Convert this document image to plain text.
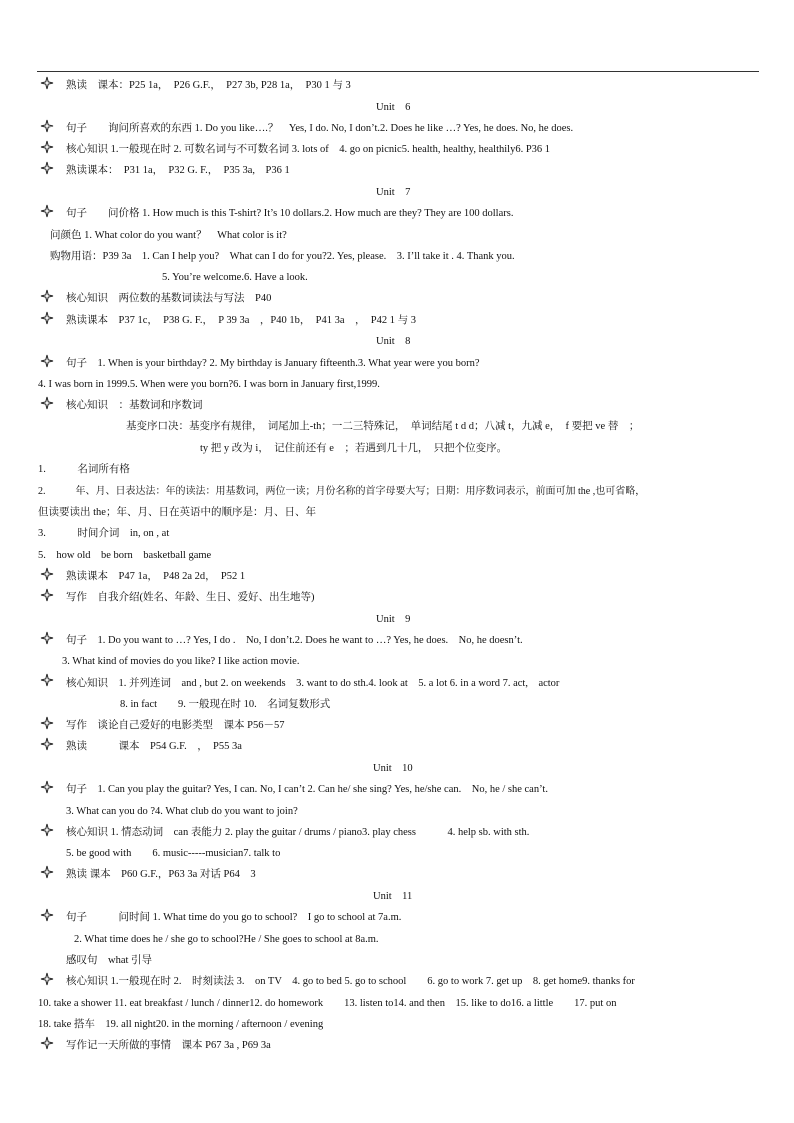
熟读　课本：P25 1a，　P26 G.F.，　P27 3b, P28 1a，　P30 1 与 3
Unit　6
句子　　询问所喜欢的东西 1. Do you like….？　Yes, I do. No, I don’t.2. Does he like …? Yes, he does. No, he does.
核心知识 1.一般现在时 2. 可数名词与不可数名词 3. lots of　4. go on picnic5. health, healthy, healthily6. P36 1
熟读课本：　P31 1a，　P32 G. F.，　P35 3a,　P36 1
Unit　7
句子　　问价格 1. How much is this T-shirt? It’s 10 dollars.2. How much are they? They are 100 dollars.
问颜色 1. What color do you want？　What color is it?
购物用语：P39 3a　1. Can I help you?　What can I do for you?2. Yes, please.　3. I’ll take it . 4. Thank you.
5. You’re welcome.6. Have a look.
核心知识　两位数的基数词读法与写法　P40
熟读课本　P37 1c，　P38 G. F.，　P 39 3a　，P40 1b，　P41 3a　，　P42 1 与 3
Unit　8
句子　1. When is your birthday? 2. My birthday is January fifteenth.3. What year were you born?
4. I was born in 1999.5. When were you born?6. I was born in January first,1999.
核心知识　：基数词和序数词
基变序口决：基变序有规律，　词尾加上-th；一二三特殊记，　单词结尾 t d d；八减 t，九减 e，　f 要把 ve 替　；
ty 把 y 改为 i，　记住前还有 e　；若遇到几十几，　只把个位变序。
1.　　　名词所有格
2.　　　年、月、日表达法：年的读法：用基数词，两位一读；月份名称的首字母要大写；日期：用序数词表示，前面可加 the ,也可省略，
但读要读出 the；年、月、日在英语中的顺序是：月、日、年
3.　　　时间介词　in, on , at
5.　how old　be born　basketball game
熟读课本　P47 1a，　P48 2a 2d，　P52 1
写作　自我介绍(姓名、年龄、生日、爱好、出生地等)
Unit　9
句子　1. Do you want to …? Yes, I do .　No, I don’t.2. Does he want to …? Yes, he does.　No, he doesn’t.
3. What kind of movies do you like? I like action movie.
核心知识　1. 并列连词　and , but 2. on weekends　3. want to do sth.4. look at　5. a lot 6. in a word 7. act,　actor
8. in fact　　9. 一般现在时 10.　名词复数形式
写作　谈论自己爱好的电影类型　课本 P56－57
熟读　　　课本　P54 G.F.　，　P55 3a
Unit　10
句子　1. Can you play the guitar? Yes, I can. No, I can’t 2. Can he/ she sing? Yes, he/she can.　No, he / she can’t.
3. What can you do ?4. What club do you want to join?
核心知识 1. 情态动词　can 表能力 2. play the guitar / drums / piano3. play chess　　　4. help sb. with sth.
5. be good with　　6. music-----musician7. talk to
熟读 课本　P60 G.F.，P63 3a 对话 P64　3
Unit　11
句子　　　问时间 1. What time do you go to school?　I go to school at 7a.m.
2. What time does he / she go to school?He / She goes to school at 8a.m.
感叹句　what 引导
核心知识 1.一般现在时 2.　时刻读法 3.　on TV　4. go to bed 5. go to school　　6. go to work 7. get up　8. get home9. thanks for
10. take a shower 11. eat breakfast / lunch / dinner12. do homework　　13. listen to14. and then　15. like to do16. a little　　17. put on
18. take 搭车　19. all night20. in the morning / afternoon / evening
写作记一天所做的事情　课本 P67 3a , P69 3a
